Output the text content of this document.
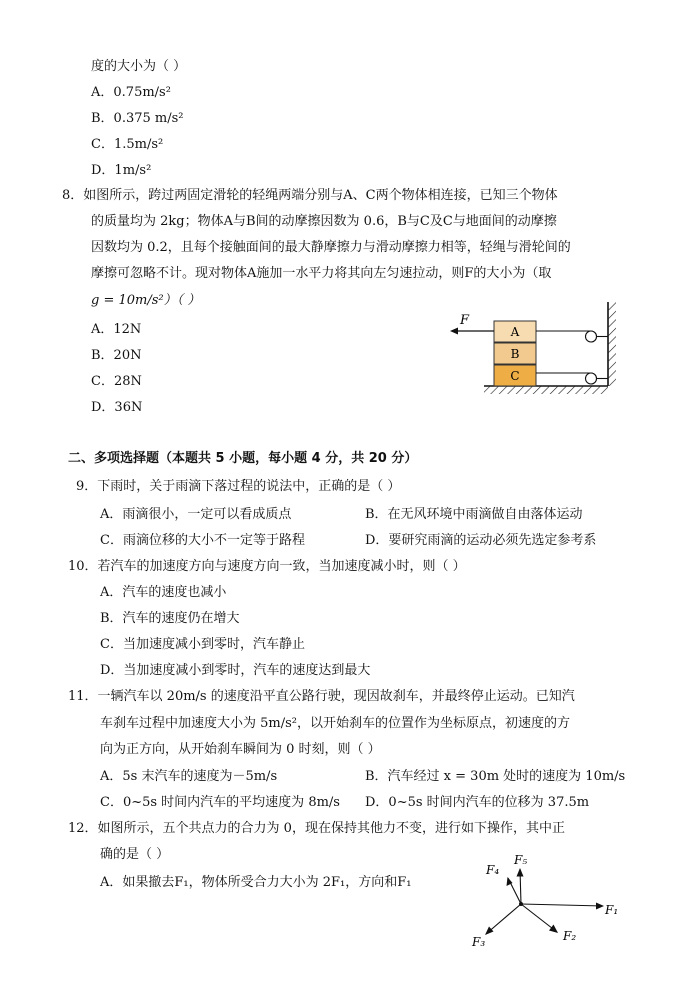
度的大小为（ ）
A．0.75m/s²
B．0.375 m/s²
C．1.5m/s²
D．1m/s²
8．如图所示，跨过两固定滑轮的轻绳两端分别与A、C两个物体相连接，已知三个物体
的质量均为 2kg；物体A与B间的动摩擦因数为 0.6，B与C及C与地面间的动摩擦
因数均为 0.2，且每个接触面间的最大静摩擦力与滑动摩擦力相等，轻绳与滑轮间的
摩擦可忽略不计。现对物体A施加一水平力将其向左匀速拉动，则F的大小为（取
g = 10m/s²）（ ）
A．12N
B．20N
C．28N
D．36N
A
B
C
F
二、多项选择题（本题共 5 小题，每小题 4 分，共 20 分）
9．下雨时，关于雨滴下落过程的说法中，正确的是（ ）
A．雨滴很小，一定可以看成质点	B．在无风环境中雨滴做自由落体运动
C．雨滴位移的大小不一定等于路程	D．要研究雨滴的运动必须先选定参考系
10．若汽车的加速度方向与速度方向一致，当加速度减小时，则（ ）
A．汽车的速度也减小
B．汽车的速度仍在增大
C．当加速度减小到零时，汽车静止
D．当加速度减小到零时，汽车的速度达到最大
11．一辆汽车以 20m/s 的速度沿平直公路行驶，现因故刹车，并最终停止运动。已知汽
车刹车过程中加速度大小为 5m/s²，以开始刹车的位置作为坐标原点，初速度的方
向为正方向，从开始刹车瞬间为 0 时刻，则（ ）
A．5s 末汽车的速度为－5m/s	B．汽车经过 x = 30m 处时的速度为 10m/s
C．0~5s 时间内汽车的平均速度为 8m/s D．0~5s 时间内汽车的位移为 37.5m
12．如图所示，五个共点力的合力为 0，现在保持其他力不变，进行如下操作，其中正
确的是（ ）
A．如果撤去F₁，物体所受合力大小为 2F₁，方向和F₁
F₁
F₂
F₃
F₄
F₅
